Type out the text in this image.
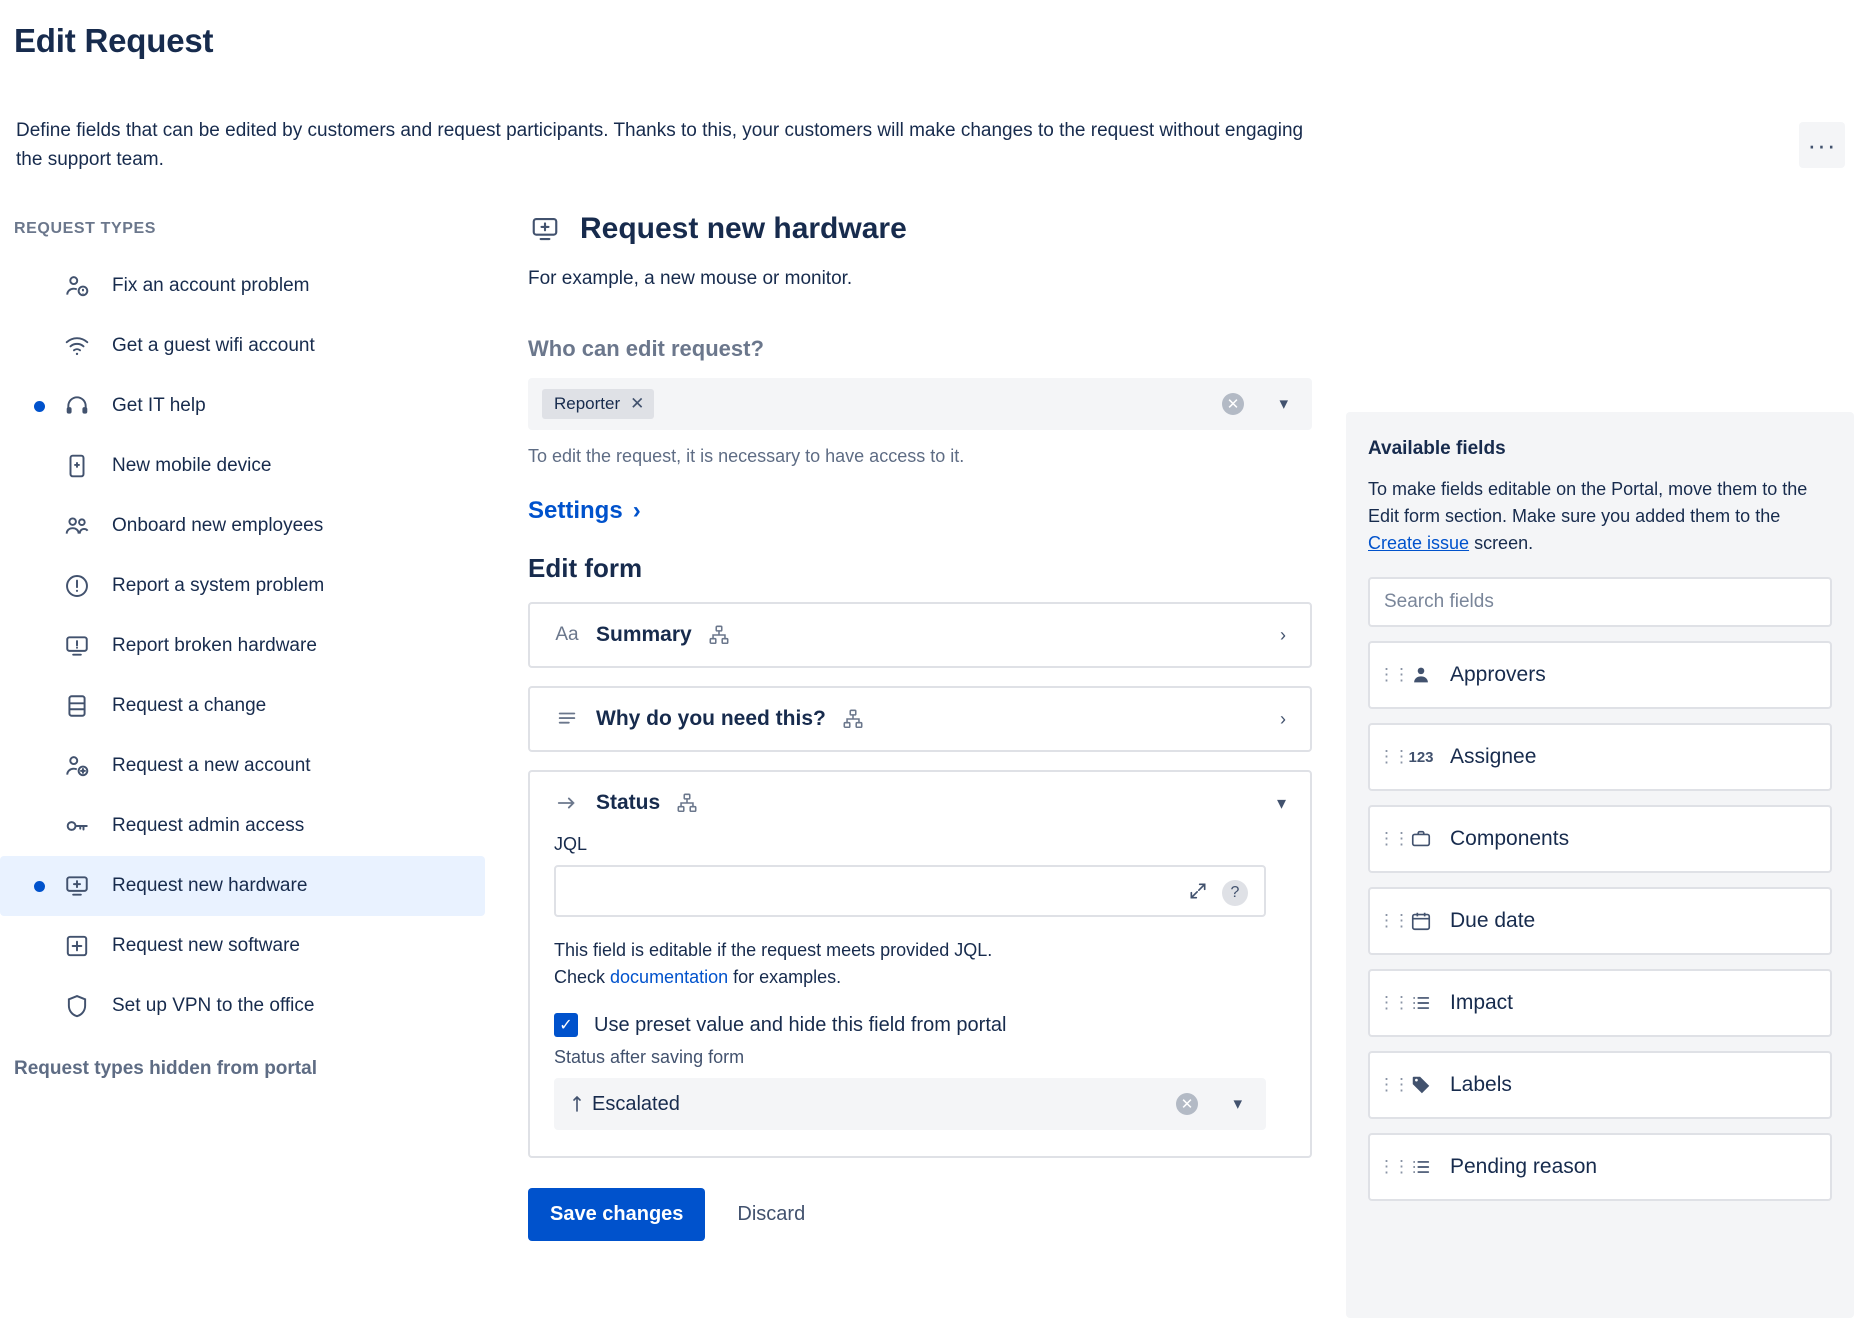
Edit Request
Define fields that can be edited by customers and request participants. Thanks to this, your customers will make changes to the request without engaging the support team.	···
REQUEST TYPES
Fix an account problem
Get a guest wifi account
Get IT help
New mobile device
Onboard new employees
Report a system problem
Report broken hardware
Request a change
Request a new account
Request admin access
Request new hardware
Request new software
Set up VPN to the office
Request types hidden from portal
Request new hardware
For example, a new mouse or monitor.
Who can edit request?
Reporter ✕	✕ ▾
To edit the request, it is necessary to have access to it.
Settings ›
Edit form
Aa Summary	›
Why do you need this?	›
Status	▾
JQL
?
This field is editable if the request meets provided JQL.
Check documentation for examples.
✓ Use preset value and hide this field from portal
Status after saving form
Escalated	✕ ▾
Save changes	Discard
Available fields
To make fields editable on the Portal, move them to the Edit form section. Make sure you added them to the Create issue screen.
Search fields
⋮⋮ Approvers
⋮⋮ 123 Assignee
⋮⋮ Components
⋮⋮ Due date
⋮⋮ Impact
⋮⋮ Labels
⋮⋮ Pending reason
